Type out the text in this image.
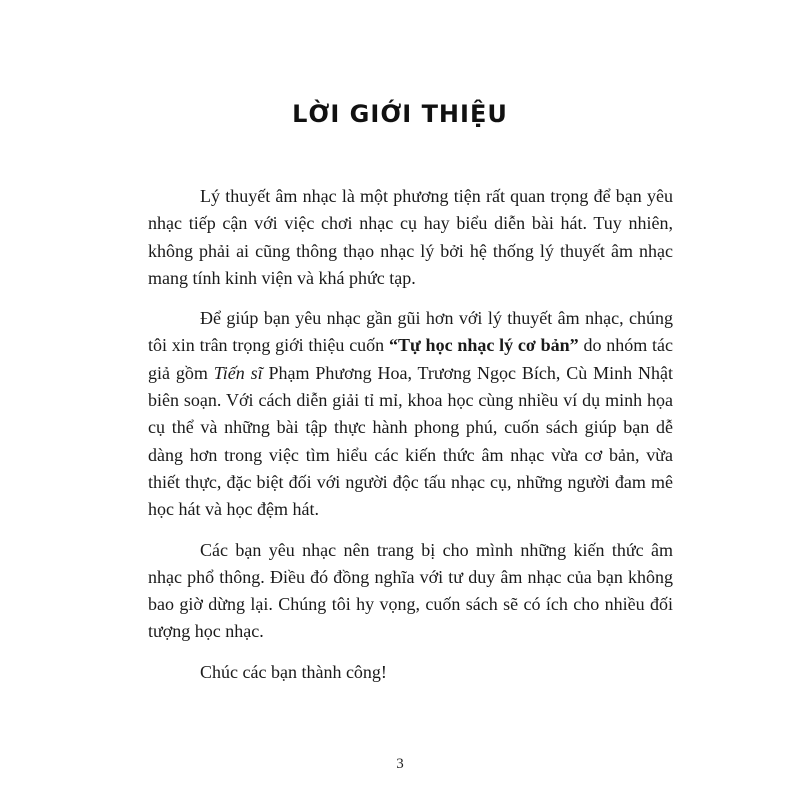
LỜI GIỚI THIỆU

Lý thuyết âm nhạc là một phương tiện rất quan trọng để bạn yêu nhạc tiếp cận với việc chơi nhạc cụ hay biểu diễn bài hát. Tuy nhiên, không phải ai cũng thông thạo nhạc lý bởi hệ thống lý thuyết âm nhạc mang tính kinh viện và khá phức tạp.

Để giúp bạn yêu nhạc gần gũi hơn với lý thuyết âm nhạc, chúng tôi xin trân trọng giới thiệu cuốn “Tự học nhạc lý cơ bản” do nhóm tác giả gồm Tiến sĩ Phạm Phương Hoa, Trương Ngọc Bích, Cù Minh Nhật biên soạn. Với cách diễn giải tỉ mỉ, khoa học cùng nhiều ví dụ minh họa cụ thể và những bài tập thực hành phong phú, cuốn sách giúp bạn dễ dàng hơn trong việc tìm hiểu các kiến thức âm nhạc vừa cơ bản, vừa thiết thực, đặc biệt đối với người độc tấu nhạc cụ, những người đam mê học hát và học đệm hát.

Các bạn yêu nhạc nên trang bị cho mình những kiến thức âm nhạc phổ thông. Điều đó đồng nghĩa với tư duy âm nhạc của bạn không bao giờ dừng lại. Chúng tôi hy vọng, cuốn sách sẽ có ích cho nhiều đối tượng học nhạc.

Chúc các bạn thành công!

3
